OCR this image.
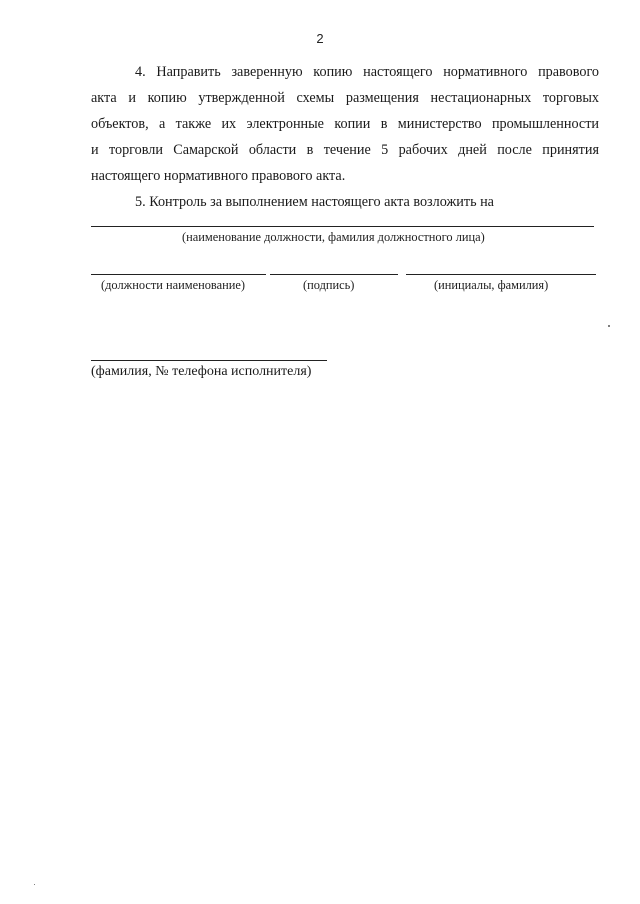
2
4. Направить заверенную копию настоящего нормативного правового
акта и копию утвержденной схемы размещения нестационарных торговых
объектов, а также их электронные копии в министерство промышленности
и торговли Самарской области в течение 5 рабочих дней после принятия
настоящего нормативного правового акта.
5. Контроль за выполнением настоящего акта возложить на
(наименование должности, фамилия должностного лица)
(должности наименование)	(подпись)	(инициалы, фамилия)
(фамилия, № телефона исполнителя)
